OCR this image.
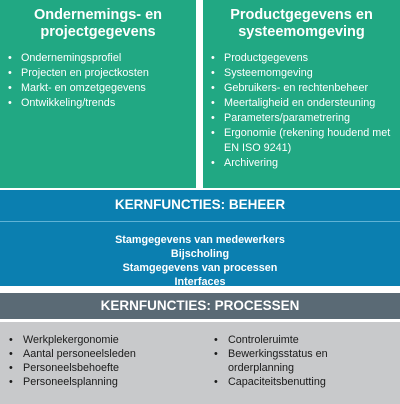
Ondernemings- en
projectgegevens
• Ondernemingsprofiel
• Projecten en projectkosten
• Markt- en omzetgegevens
• Ontwikkeling/trends
Productgegevens en
systeemomgeving
• Productgegevens
• Systeemomgeving
• Gebruikers- en rechtenbeheer
• Meertaligheid en ondersteuning
• Parameters/parametrering
• Ergonomie (rekening houdend met EN ISO 9241)
• Archivering
KERNFUNCTIES: BEHEER
Stamgegevens van medewerkers
Bijscholing
Stamgegevens van processen
Interfaces
KERNFUNCTIES: PROCESSEN
• Werkplekergonomie
• Aantal personeelsleden
• Personeelsbehoefte
• Personeelsplanning
• Controleruimte
• Bewerkingsstatus en orderplanning
• Capaciteitsbenutting
